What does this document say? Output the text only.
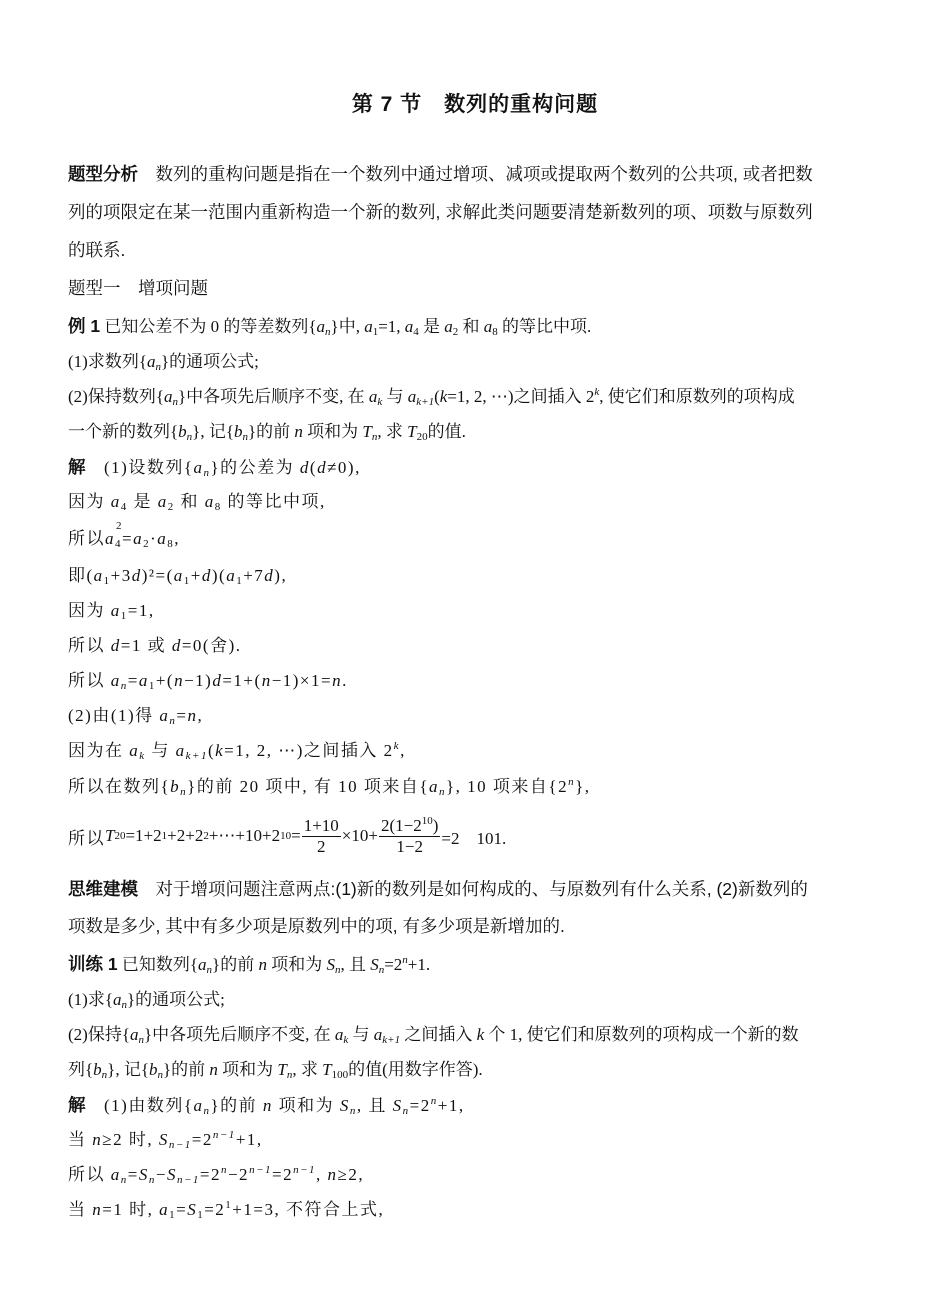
第 7 节　数列的重构问题
题型分析　数列的重构问题是指在一个数列中通过增项、减项或提取两个数列的公共项, 或者把数
列的项限定在某一范围内重新构造一个新的数列, 求解此类问题要清楚新数列的项、项数与原数列
的联系.
题型一　增项问题
例 1 已知公差不为 0 的等差数列$\{a_n\}$中, $a_1=1$, $a_4$ 是 $a_2$ 和 $a_8$ 的等比中项.
(1)求数列$\{a_n\}$的通项公式;
(2)保持数列$\{a_n\}$中各项先后顺序不变, 在 $a_k$ 与 $a_{k+1}(k=1$, 2, ⋯)之间插入 2$^k$, 使它们和原数列的项构成
一个新的数列$\{b_n\}$, 记$\{b_n\}$的前 n 项和为 $T_n$, 求 $T_{20}$的值.
解　(1)设数列$\{a_n\}$的公差为 d(d≠0),
因为 $a_4$ 是 $a_2$ 和 $a_8$ 的等比中项,
所以a
2
$_4=a_2\cdot a_8$,
即$(a_1+3d)^2=(a_1+d)(a_1+7d)$,
因为 $a_1=1$,
所以 d=1 或 d=0(舍).
所以 $a_n=a_1+(n-1)d=1+(n-1)\times 1=n$.
(2)由(1)得 $a_n=n$,
因为在 $a_k$ 与 $a_{k+1}(k=1$, 2, ⋯)之间插入 2$^k$,
所以在数列$\{b_n\}$的前 20 项中, 有 10 项来自$\{a_n\}$, 10 项来自{2$^n$},
所以 T 20 =1+2 1 +2+2 2 +⋯+10+2 $10 = \frac{1+10}{2} \times 10+ \frac{2(1-2^{10})}{1-2} =2$　101.
思维建模　对于增项问题注意两点:(1)新的数列是如何构成的、与原数列有什么关系, (2)新数列的
项数是多少, 其中有多少项是原数列中的项, 有多少项是新增加的.
训练 1 已知数列$\{a_n\}$的前 n 项和为 $S_n$, 且 $S_n=2^n+1$.
(1)求$\{a_n\}$的通项公式;
(2)保持$\{a_n\}$中各项先后顺序不变, 在 $a_k$ 与 $a_{k+1}$ 之间插入 k 个 1, 使它们和原数列的项构成一个新的数
列$\{b_n\}$, 记$\{b_n\}$的前 n 项和为 $T_n$, 求 $T_{100}$的值(用数字作答).
解　(1)由数列$\{a_n\}$的前 n 项和为 $S_n$, 且 $S_n=2^n+1$,
当 n≥2 时, $S_{n-1}=2^{n-1}+1$,
所以 $a_n=S_n-S_{n-1}=2^n-2^{n-1}=2^{n-1}$, n≥2,
当 n=1 时, $a_1=S_1=2^1+1=3$, 不符合上式,
